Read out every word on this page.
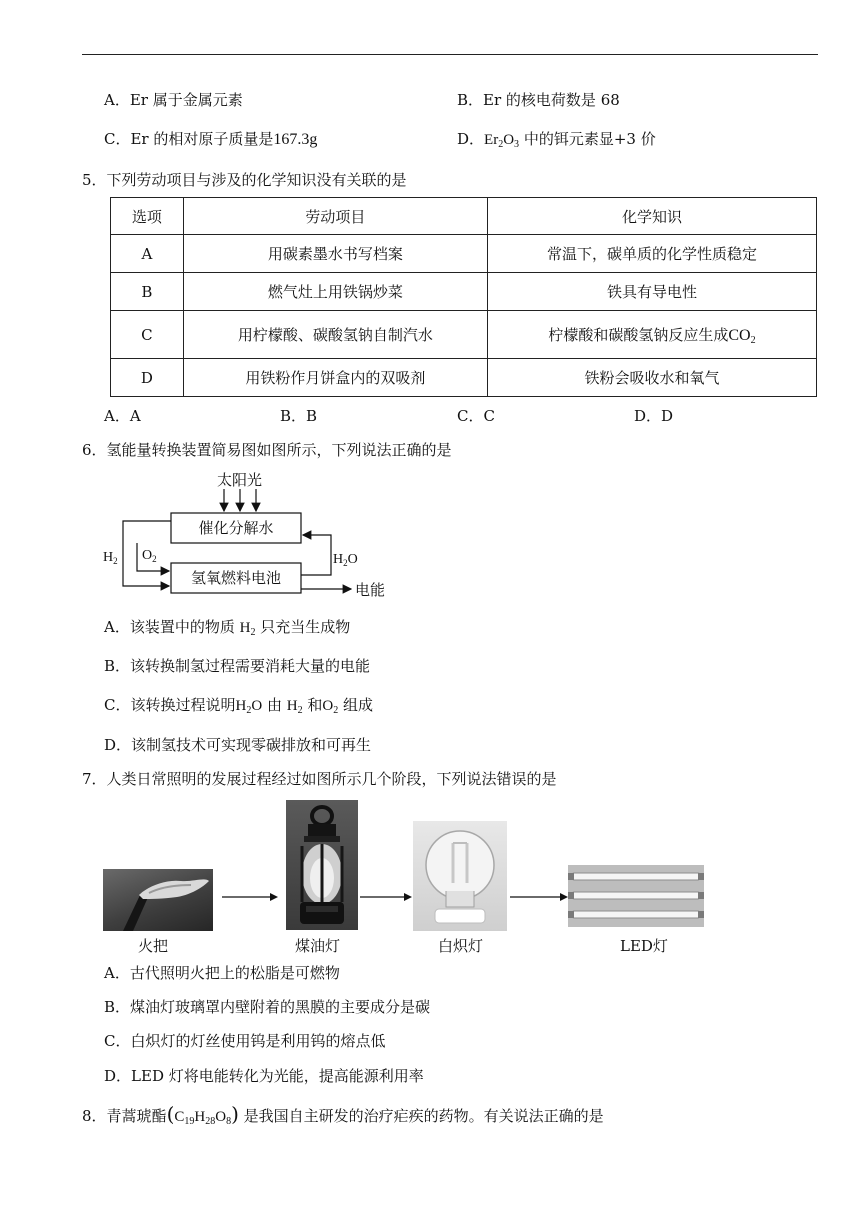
A．Er 属于金属元素	B．Er 的核电荷数是 68
C．Er 的相对原子质量是167.3g	D．$Er_2O_3$ 中的铒元素显+3 价
5．下列劳动项目与涉及的化学知识没有关联的是
选项	劳动项目	化学知识
A	用碳素墨水书写档案	常温下，碳单质的化学性质稳定
B	燃气灶上用铁锅炒菜	铁具有导电性
C	用柠檬酸、碳酸氢钠自制汽水	柠檬酸和碳酸氢钠反应生成$CO_2$
D	用铁粉作月饼盒内的双吸剂	铁粉会吸收水和氧气
A．A	B．B	C．C	D．D
6．氢能量转换装置简易图如图所示，下列说法正确的是
太阳光
催化分解水
氢氧燃料电池
$H_2$ $O_2$	$H_2O$
电能
A．该装置中的物质 $H_2$ 只充当生成物
B．该转换制氢过程需要消耗大量的电能
C．该转换过程说明$H_2O$ 由 $H_2$ 和$O_2$ 组成
D．该制氢技术可实现零碳排放和可再生
7．人类日常照明的发展过程经过如图所示几个阶段，下列说法错误的是
火把	煤油灯	白炽灯	LED灯
A．古代照明火把上的松脂是可燃物
B．煤油灯玻璃罩内壁附着的黑膜的主要成分是碳
C．白炽灯的灯丝使用钨是利用钨的熔点低
D．LED 灯将电能转化为光能，提高能源利用率
8．青蒿琥酯$(C_{19}H_{28}O_8)$ 是我国自主研发的治疗疟疾的药物。有关说法正确的是
